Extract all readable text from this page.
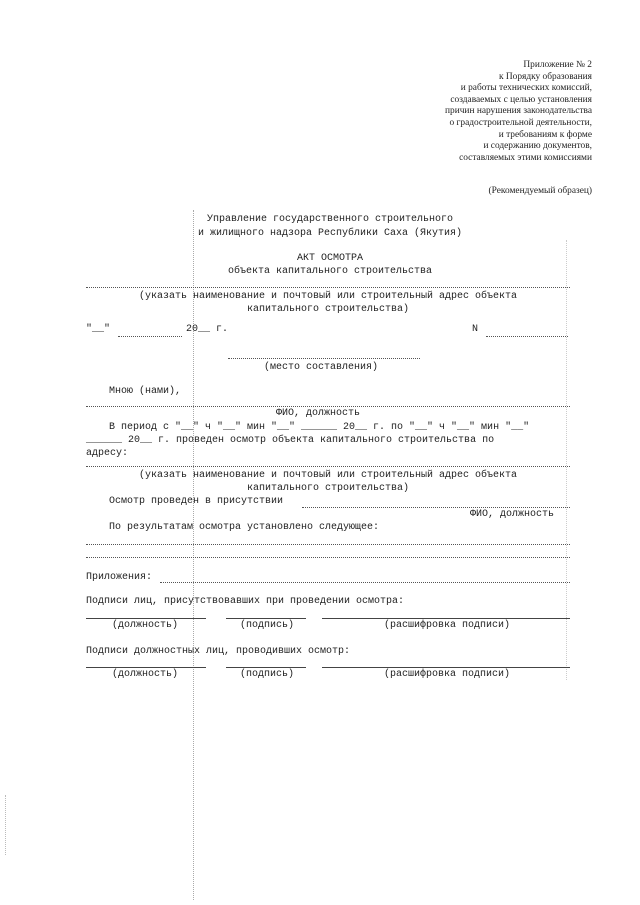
Приложение № 2
к Порядку образования
и работы технических комиссий,
создаваемых с целью установления
причин нарушения законодательства
о градостроительной деятельности,
и требованиям к форме
и содержанию документов,
составляемых этими комиссиями
(Рекомендуемый образец)
Управление государственного строительного
и жилищного надзора Республики Саха (Якутия)
АКТ ОСМОТРА
объекта капитального строительства
(указать наименование и почтовый или строительный адрес объекта
капитального строительства)
"__"	20__ г.	N
(место составления)
Мною (нами),
ФИО, должность
В период с "__" ч "__" мин "__" ______ 20__ г. по "__" ч "__" мин "__"
______ 20__ г. проведен осмотр объекта капитального строительства по
адресу:
(указать наименование и почтовый или строительный адрес объекта
капитального строительства)
Осмотр проведен в присутствии
ФИО, должность
По результатам осмотра установлено следующее:
Приложения:
Подписи лиц, присутствовавших при проведении осмотра:
(должность)	(подпись)	(расшифровка подписи)
Подписи должностных лиц, проводивших осмотр:
(должность)	(подпись)	(расшифровка подписи)
